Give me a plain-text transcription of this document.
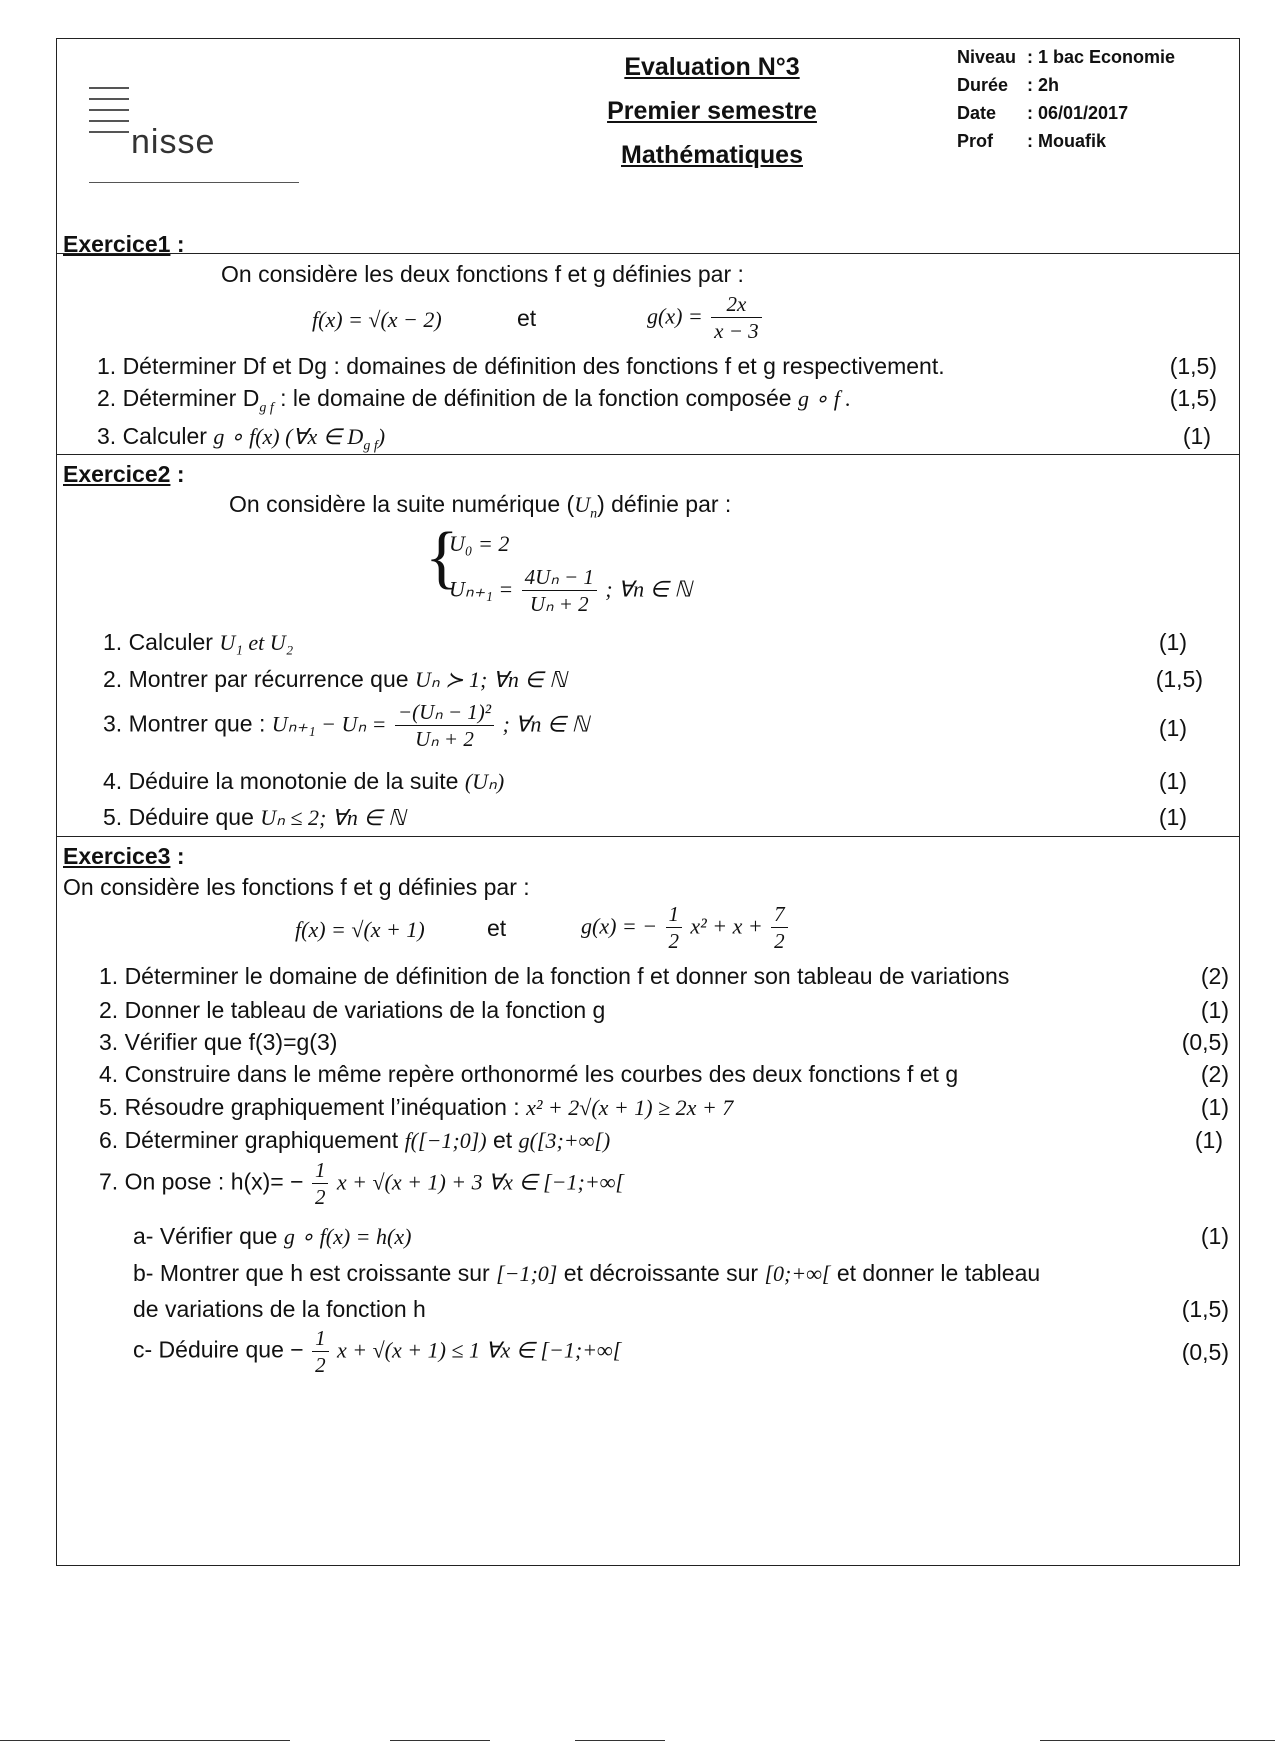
nisse
Evaluation N°3
Premier semestre
Mathématiques
Niveau : 1 bac Economie
Durée : 2h
Date : 06/01/2017
Prof : Mouafik
Exercice1 :
On considère les deux fonctions f et g définies par :
f(x) = √(x − 2)	et	$g(x) = \frac{2x}{x - 3}$
1. Déterminer Df et Dg : domaines de définition des fonctions f et g respectivement.	(1,5)
2. Déterminer $D_{g f}$ : le domaine de définition de la fonction composée g ∘ f .	(1,5)
3. Calculer g ∘ f(x) (∀x ∈ $D_{g f}$)	(1)
Exercice2 :
On considère la suite numérique $(U_n)$ définie par :
{
U₀ = 2
$U_{n+1} = \frac{\text{4Uₙ − 1}}{\text{Uₙ + 2}}$ ; ∀n ∈ ℕ
1. Calculer U₁ et U₂	(1)
2. Montrer par récurrence que Uₙ ≻ 1; ∀n ∈ ℕ	(1,5)
3. Montrer que : $U_{n+1} - U_n = \frac{\text{−(Uₙ − 1)²}}{\text{Uₙ + 2}}$ ; ∀n ∈ ℕ	(1)
4. Déduire la monotonie de la suite (Uₙ)	(1)
5. Déduire que Uₙ ≤ 2; ∀n ∈ ℕ	(1)
Exercice3 :
On considère les fonctions f et g définies par :
f(x) = √(x + 1)	et	g(x) = − $\frac{1}{2} x^2 + x + \frac{7}{2}$
1. Déterminer le domaine de définition de la fonction f et donner son tableau de variations	(2)
2. Donner le tableau de variations de la fonction g	(1)
3. Vérifier que f(3)=g(3)	(0,5)
4. Construire dans le même repère orthonormé les courbes des deux fonctions f et g	(2)
5. Résoudre graphiquement l’inéquation : x² + 2√(x + 1) ≥ 2x + 7	(1)
6. Déterminer graphiquement f([−1;0]) et g([3;+∞[)	(1)
7. On pose : $h(x)= - \frac{1}{2}$ x + √(x + 1) + 3 ∀x ∈ [−1;+∞[
a- Vérifier que g ∘ f(x) = h(x)	(1)
b- Montrer que h est croissante sur [−1;0] et décroissante sur [0;+∞[ et donner le tableau
de variations de la fonction h	(1,5)
c- Déduire que − $\frac{1}{2}$ x + √(x + 1) ≤ 1 ∀x ∈ [−1;+∞[	(0,5)
